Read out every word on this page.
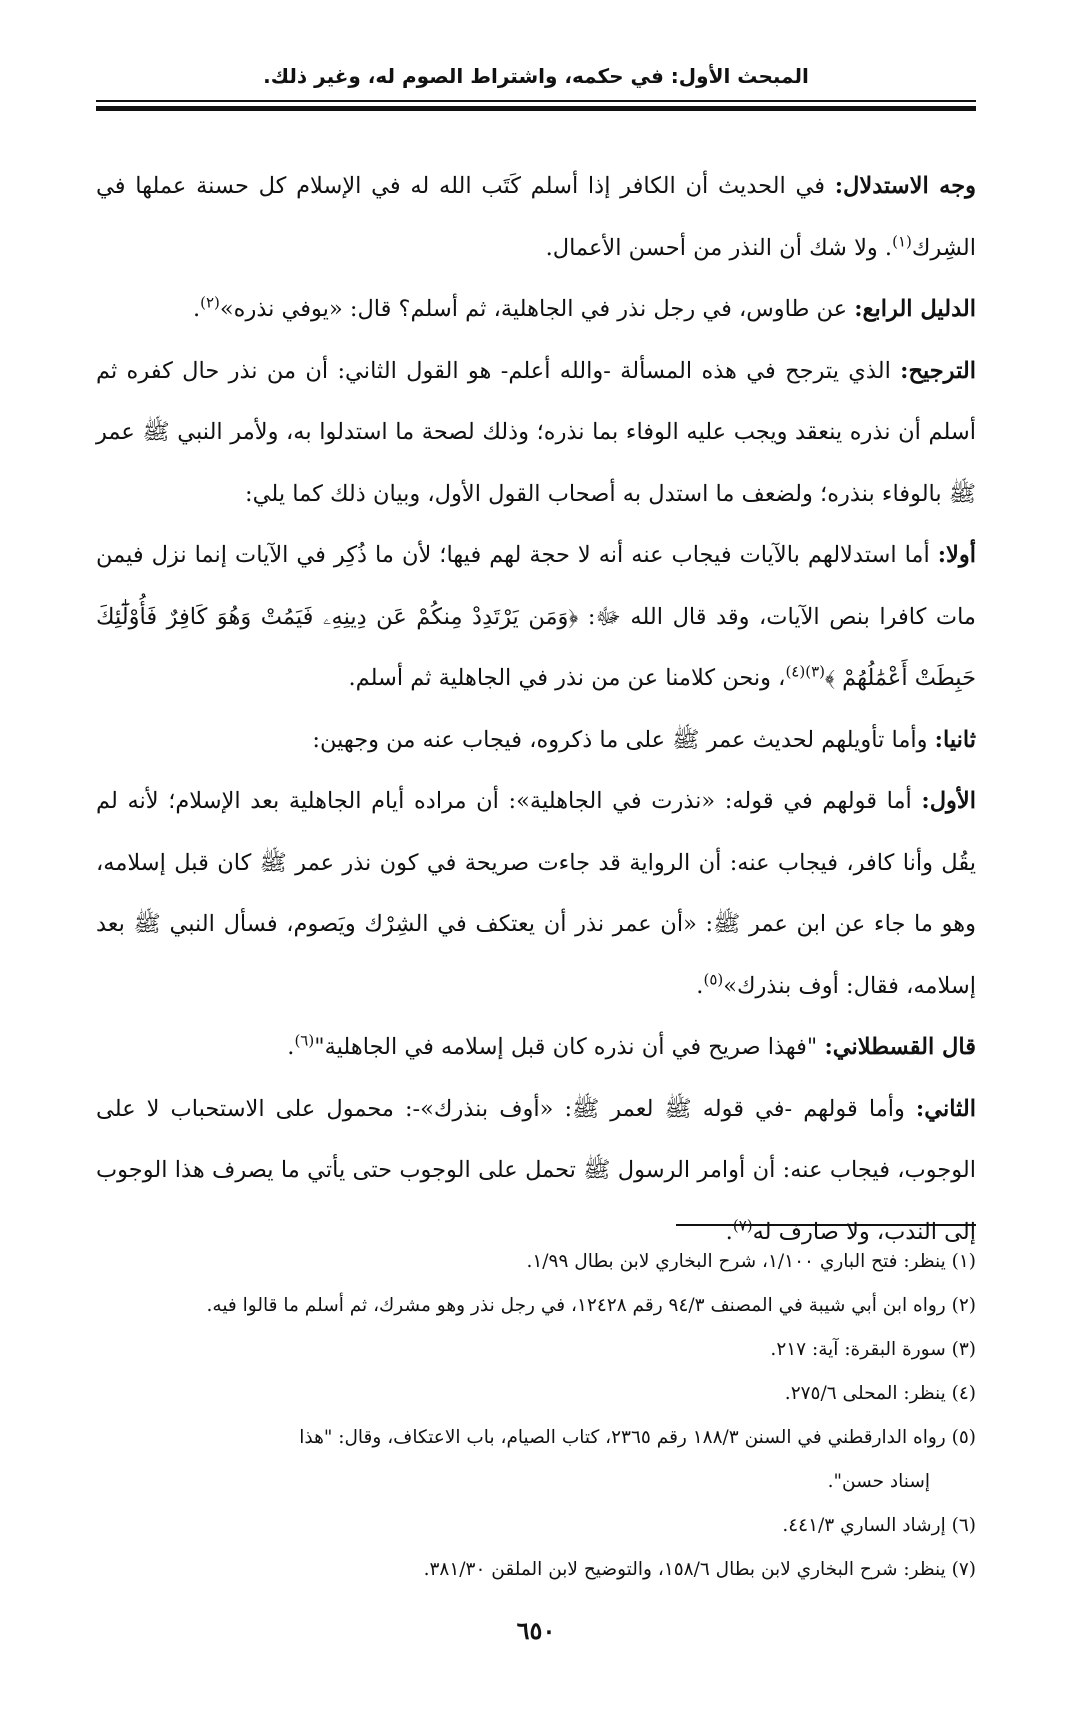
المبحث الأول: في حكمه، واشتراط الصوم له، وغير ذلك.

وجه الاستدلال: في الحديث أن الكافر إذا أسلم كَتَب الله له في الإسلام كل حسنة عملها في الشِرك$^{(١)}$. ولا شك أن النذر من أحسن الأعمال.

الدليل الرابع: عن طاوس، في رجل نذر في الجاهلية، ثم أسلم؟ قال: «يوفي نذره»$^{(٢)}$.

الترجيح: الذي يترجح في هذه المسألة -والله أعلم- هو القول الثاني: أن من نذر حال كفره ثم أسلم أن نذره ينعقد ويجب عليه الوفاء بما نذره؛ وذلك لصحة ما استدلوا به، ولأمر النبي ﷺ عمر ﷺ بالوفاء بنذره؛ ولضعف ما استدل به أصحاب القول الأول، وبيان ذلك كما يلي:

أولا: أما استدلالهم بالآيات فيجاب عنه أنه لا حجة لهم فيها؛ لأن ما ذُكِر في الآيات إنما نزل فيمن مات كافرا بنص الآيات، وقد قال الله ﷻ: ﴿وَمَن يَرْتَدِدْ مِنكُمْ عَن دِينِهِۦ فَيَمُتْ وَهُوَ كَافِرٌ فَأُوْلَٰٓئِكَ حَبِطَتْ أَعْمَٰلُهُمْ ﴾$^{(٣)(٤)}$، ونحن كلامنا عن من نذر في الجاهلية ثم أسلم.

ثانيا: وأما تأويلهم لحديث عمر ﷺ على ما ذكروه، فيجاب عنه من وجهين:

الأول: أما قولهم في قوله: «نذرت في الجاهلية»: أن مراده أيام الجاهلية بعد الإسلام؛ لأنه لم يقُل وأنا كافر، فيجاب عنه: أن الرواية قد جاءت صريحة في كون نذر عمر ﷺ كان قبل إسلامه، وهو ما جاء عن ابن عمر ﷺ: «أن عمر نذر أن يعتكف في الشِرْك ويَصوم، فسأل النبي ﷺ بعد إسلامه، فقال: أوف بنذرك»$^{(٥)}$.

قال القسطلاني: "فهذا صريح في أن نذره كان قبل إسلامه في الجاهلية"$^{(٦)}$.

الثاني: وأما قولهم -في قوله ﷺ لعمر ﷺ: «أوف بنذرك»-: محمول على الاستحباب لا على الوجوب، فيجاب عنه: أن أوامر الرسول ﷺ تحمل على الوجوب حتى يأتي ما يصرف هذا الوجوب إلى الندب، ولا صارف له$^{(٧)}$.

(١) ينظر: فتح الباري ١/١٠٠، شرح البخاري لابن بطال ١/٩٩.

(٢) رواه ابن أبي شيبة في المصنف ٩٤/٣ رقم ١٢٤٢٨، في رجل نذر وهو مشرك، ثم أسلم ما قالوا فيه.

(٣) سورة البقرة: آية: ٢١٧.

(٤) ينظر: المحلى ٢٧٥/٦.

(٥) رواه الدارقطني في السنن ١٨٨/٣ رقم ٢٣٦٥، كتاب الصيام، باب الاعتكاف، وقال: "هذا

إسناد حسن".

(٦) إرشاد الساري ٤٤١/٣.

(٧) ينظر: شرح البخاري لابن بطال ١٥٨/٦، والتوضيح لابن الملقن ٣٨١/٣٠.

٦٥٠
